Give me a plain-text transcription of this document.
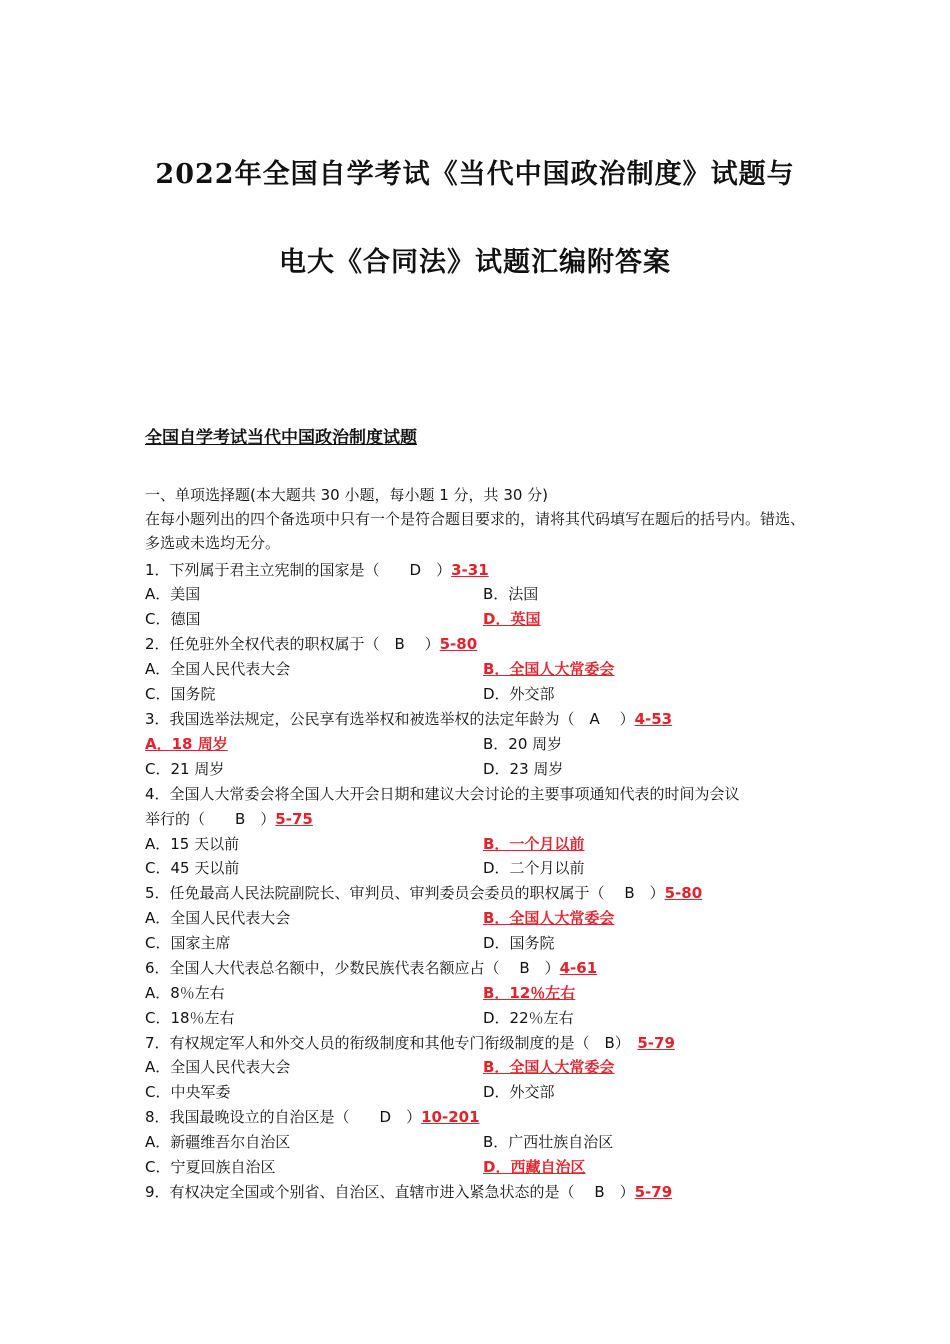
2022年全国自学考试《当代中国政治制度》试题与
电大《合同法》试题汇编附答案
全国自学考试当代中国政治制度试题
一、单项选择题(本大题共 30 小题，每小题 1 分，共 30 分)
在每小题列出的四个备选项中只有一个是符合题目要求的，请将其代码填写在题后的括号内。错选、多选或未选均无分。
1．下列属于君主立宪制的国家是（　　D　）3-31
A．美国	B．法国
C．德国	D．英国
2．任免驻外全权代表的职权属于（　B　 ）5-80
A．全国人民代表大会	B．全国人大常委会
C．国务院	D．外交部
3．我国选举法规定，公民享有选举权和被选举权的法定年龄为（　A　 ）4-53
A．18 周岁	B．20 周岁
C．21 周岁	D．23 周岁
4．全国人大常委会将全国人大开会日期和建议大会讨论的主要事项通知代表的时间为会议
举行的（　　B　）5-75
A．15 天以前	B．一个月以前
C．45 天以前	D．二个月以前
5．任免最高人民法院副院长、审判员、审判委员会委员的职权属于（　 B　）5-80
A．全国人民代表大会	B．全国人大常委会
C．国家主席	D．国务院
6．全国人大代表总名额中，少数民族代表名额应占（　 B　）4-61
A．8％左右	B．12％左右
C．18％左右	D．22％左右
7．有权规定军人和外交人员的衔级制度和其他专门衔级制度的是（　B）　5-79
A．全国人民代表大会	B．全国人大常委会
C．中央军委	D．外交部
8．我国最晚设立的自治区是（　　D　）10-201
A．新疆维吾尔自治区	B．广西壮族自治区
C．宁夏回族自治区	D．西藏自治区
9．有权决定全国或个别省、自治区、直辖市进入紧急状态的是（　 B　）5-79
